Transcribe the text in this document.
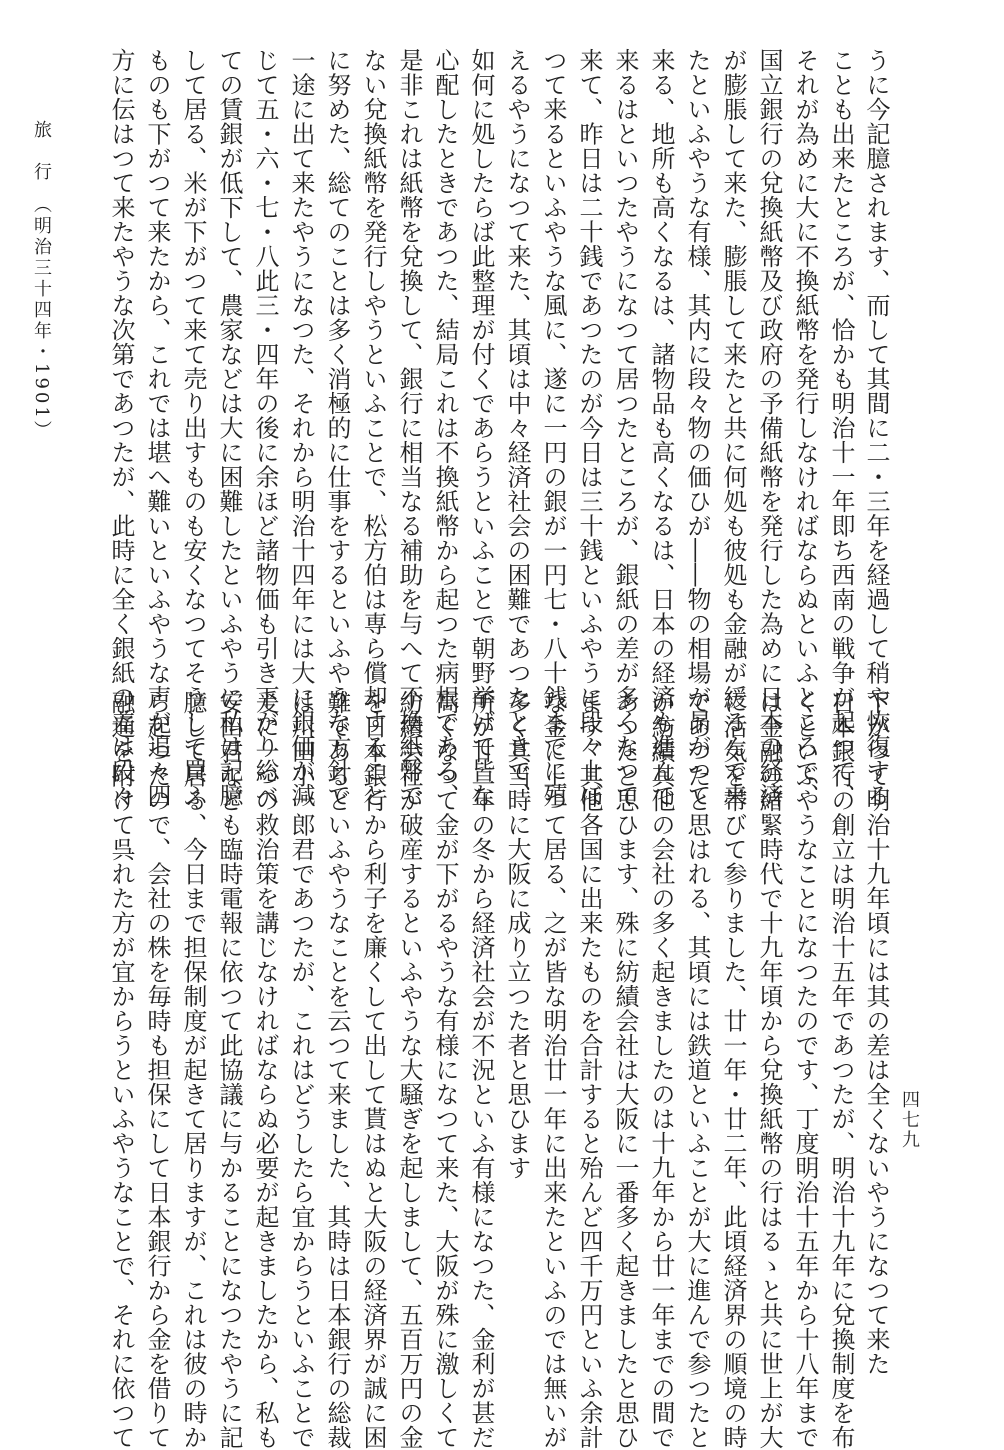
旅　行　（明治三十四年・1901）
四七九
うに今記臆されます、而して其間に二・三年を経過して稍や恢復する
ことも出来たところが、恰かも明治十一年即ち西南の戦争が起つて、
それが為めに大に不換紙幣を発行しなければならぬといふところで、
国立銀行の兌換紙幣及び政府の予備紙幣を発行した為めに日本の経済
が膨脹して来た、膨脹して来たと共に何処も彼処も金融が緩るんで来
たといふやうな有様、其内に段々物の価ひが――物の相場が昂がつて
来る、地所も高くなるは、諸物品も高くなるは、日本の経済も進んで
来るはといつたやうになつて居つたところが、銀紙の差が多くなつて
来て、昨日は二十銭であつたのが今日は三十銭といふやうに段々上ぼ
つて来るといふやうな風に、遂に一円の銀が一円七・八十銭までに殖
えるやうになつて来た、其頃は中々経済社会の困難であつたときで、
如何に処したらば此整理が付くであらうといふことで朝野挙げて皆な
心配したときであつた、結局これは不換紙幣から起つた病根である、
是非これは紙幣を兌換して、銀行に相当なる補助を与へて不換紙幣で
ない兌換紙幣を発行しやうといふことで、松方伯は専ら償却すること
に努めた、総てのことは多く消極的に仕事をするといふやうな方針で
一途に出て来たやうになつた、それから明治十四年には大に銀価が減
じて五・六・七・八此三・四年の後に余ほど諸物価も引き下がり総べ
ての賃銀が低下して、農家などは大に困難したといふやうに私は記臆
して居る、米が下がつて来て売り出すものも安くなつてそうして買ふ
ものも下がつて来たから、これでは堪へ難いといふやうな声が追々四
方に伝はつて来たやうな次第であつたが、此時に全く銀紙の差は段々
下がつて明治十九年頃には其の差は全くないやうになつて来た
日本銀行の創立は明治十五年であつたが、明治十九年に兌換制度を布
くといふやうなことになつたのです、丁度明治十五年から十八年まで
は金融の緒緊時代で十九年頃から兌換紙幣の行はるゝと共に世上が大
に活気を帯びて参りました、廿一年・廿二年、此頃経済界の順境の時
であつたと思はれる、其頃には鉄道といふことが大に進んで参つたと
か紡績其他の会社の多く起きましたのは十九年から廿一年までの間で
あつたと思ひます、殊に紡績会社は大阪に一番多く起きましたと思ひ
ます、其他各国に出来たものを合計すると殆んど四千万円といふ余計
な金に上つて居る、之が皆な明治廿一年に出来たといふのでは無いが
多く其当時に大阪に成り立つた者と思ひます
所が廿二年の冬から経済社会が不況といふ有様になつた、金利が甚だ
高くなつて金が下がるやうな有様になつて来た、大阪が殊に激しくて
紡績会社が破産するといふやうな大騒ぎを起しまして、五百万円の金
を日本銀行から利子を廉くして出して貰はぬと大阪の経済界が誠に困
難であるといふやうなことを云つて来ました、其時は日本銀行の総裁
は川田小一郎君であつたが、これはどうしたら宜からうといふことで
爰に一つの救治策を講じなければならぬ必要が起きましたから、私も
安田君なども臨時電報に依つて此協議に与かることになつたやうに記
臆して居る、今日まで担保制度が起きて居りますが、これは彼の時か
ら起つたので、会社の株を毎時も担保にして日本銀行から金を借りて
融通を附けて呉れた方が宜からうといふやうなことで、それに依つて
